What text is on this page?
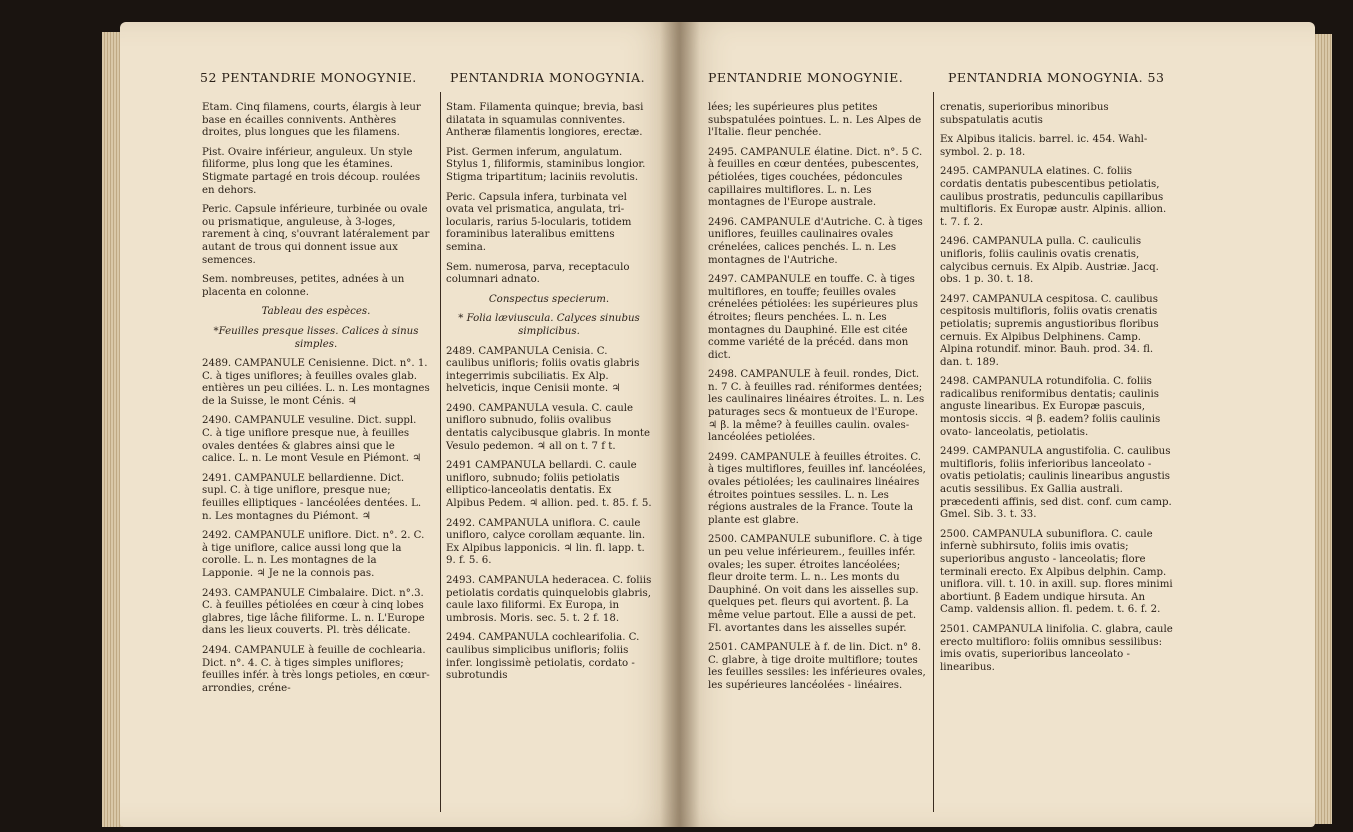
52 PENTANDRIE MONOGYNIE.	PENTANDRIA MONOGYNIA.

Etam. Cinq filamens, courts, élargis à leur base en écailles connivents. Anthères droites, plus longues que les filamens.

Pist. Ovaire inférieur, anguleux. Un style filiforme, plus long que les étamines. Stigmate partagé en trois découp. roulées en dehors.

Peric. Capsule inférieure, turbinée ou ovale ou prismatique, anguleuse, à 3-loges, rarement à cinq, s'ouvrant latéralement par autant de trous qui donnent issue aux semences.

Sem. nombreuses, petites, adnées à un placenta en colonne.

Tableau des espèces.

*Feuilles presque lisses. Calices à sinus simples.

2489. CAMPANULE Cenisienne. Dict. n°. 1. C. à tiges uniflores; à feuilles ovales glab. entières un peu ciliées. L. n. Les montagnes de la Suisse, le mont Cénis. ♃

2490. CAMPANULE vesuline. Dict. suppl. C. à tige uniflore presque nue, à feuilles ovales dentées & glabres ainsi que le calice. L. n. Le mont Vesule en Piémont. ♃

2491. CAMPANULE bellardienne. Dict. supl. C. à tige uniflore, presque nue; feuilles elliptiques - lancéolées dentées. L. n. Les montagnes du Piémont. ♃

2492. CAMPANULE uniflore. Dict. n°. 2. C. à tige uniflore, calice aussi long que la corolle. L. n. Les montagnes de la Lapponie. ♃ Je ne la connois pas.

2493. CAMPANULE Cimbalaire. Dict. n°.3. C. à feuilles pétiolées en cœur à cinq lobes glabres, tige lâche filiforme. L. n. L'Europe dans les lieux couverts. Pl. très délicate.

2494. CAMPANULE à feuille de cochlearia. Dict. n°. 4. C. à tiges simples uniflores; feuilles infér. à très longs petioles, en cœur-arrondies, créne-

Stam. Filamenta quinque; brevia, basi dilatata in squamulas conniventes. Antheræ filamentis longiores, erectæ.

Pist. Germen inferum, angulatum. Stylus 1, filiformis, staminibus longior. Stigma tripartitum; laciniis revolutis.

Peric. Capsula infera, turbinata vel ovata vel prismatica, angulata, tri-locularis, rarius 5-locularis, totidem foraminibus lateralibus emittens semina.

Sem. numerosa, parva, receptaculo columnari adnato.

Conspectus specierum.

* Folia læviuscula. Calyces sinubus simplicibus.

2489. CAMPANULA Cenisia. C. caulibus unifloris; foliis ovatis glabris integerrimis subciliatis. Ex Alp. helveticis, inque Cenisii monte. ♃

2490. CAMPANULA vesula. C. caule unifloro subnudo, foliis ovalibus dentatis calycibusque glabris. In monte Vesulo pedemon. ♃ all on t. 7 f t.

2491 CAMPANULA bellardi. C. caule unifloro, subnudo; foliis petiolatis elliptico-lanceolatis dentatis. Ex Alpibus Pedem. ♃ allion. ped. t. 85. f. 5.

2492. CAMPANULA uniflora. C. caule unifloro, calyce corollam æquante. lin. Ex Alpibus lapponicis. ♃ lin. fl. lapp. t. 9. f. 5. 6.

2493. CAMPANULA hederacea. C. foliis petiolatis cordatis quinquelobis glabris, caule laxo filiformi. Ex Europa, in umbrosis. Moris. sec. 5. t. 2 f. 18.

2494. CAMPANULA cochlearifolia. C. caulibus simplicibus unifloris; foliis infer. longissimè petiolatis, cordato - subrotundis

PENTANDRIE MONOGYNIE.	PENTANDRIA MONOGYNIA. 53

lées; les supérieures plus petites subspatulées pointues. L. n. Les Alpes de l'Italie. fleur penchée.

2495. CAMPANULE élatine. Dict. n°. 5 C. à feuilles en cœur dentées, pubescentes, pétiolées, tiges couchées, pédoncules capillaires multiflores. L. n. Les montagnes de l'Europe australe.

2496. CAMPANULE d'Autriche. C. à tiges uniflores, feuilles caulinaires ovales crénelées, calices penchés. L. n. Les montagnes de l'Autriche.

2497. CAMPANULE en touffe. C. à tiges multiflores, en touffe; feuilles ovales crénelées pétiolées: les supérieures plus étroites; fleurs penchées. L. n. Les montagnes du Dauphiné. Elle est citée comme variété de la précéd. dans mon dict.

2498. CAMPANULE à feuil. rondes, Dict. n. 7 C. à feuilles rad. réniformes dentées; les caulinaires linéaires étroites. L. n. Les paturages secs & montueux de l'Europe. ♃ β. la même? à feuilles caulin. ovaleslancéolées petiolées.

2499. CAMPANULE à feuilles étroites. C. à tiges multiflores, feuilles inf. lancéolées, ovales pétiolées; les caulinaires linéaires étroites pointues sessiles. L. n. Les régions australes de la France. Toute la plante est glabre.

2500. CAMPANULE subuniflore. C. à tige un peu velue inférieurem., feuilles infér. ovales; les super. étroites lancéolées; fleur droite term. L. n.. Les monts du Dauphiné. On voit dans les aisselles sup. quelques pet. fleurs qui avortent. β. La même velue partout. Elle a aussi de pet. Fl. avortantes dans les aisselles supér.

2501. CAMPANULE à f. de lin. Dict. n° 8. C. glabre, à tige droite multiflore; toutes les feuilles sessiles: les inférieures ovales, les supérieures lancéolées - linéaires.

crenatis, superioribus minoribus subspatulatis acutis

Ex Alpibus italicis. barrel. ic. 454. Wahl-symbol. 2. p. 18.

2495. CAMPANULA elatines. C. foliis cordatis dentatis pubescentibus petiolatis, caulibus prostratis, pedunculis capillaribus multifloris. Ex Europæ austr. Alpinis. allion. t. 7. f. 2.

2496. CAMPANULA pulla. C. cauliculis unifloris, foliis caulinis ovatis crenatis, calycibus cernuis. Ex Alpib. Austriæ. Jacq. obs. 1 p. 30. t. 18.

2497. CAMPANULA cespitosa. C. caulibus cespitosis multifloris, foliis ovatis crenatis petiolatis; supremis angustioribus floribus cernuis. Ex Alpibus Delphinens. Camp. Alpina rotundif. minor. Bauh. prod. 34. fl. dan. t. 189.

2498. CAMPANULA rotundifolia. C. foliis radicalibus reniformibus dentatis; caulinis anguste linearibus. Ex Europæ pascuis, montosis siccis. ♃ β. eadem? foliis caulinis ovato- lanceolatis, petiolatis.

2499. CAMPANULA angustifolia. C. caulibus multifloris, foliis inferioribus lanceolato - ovatis petiolatis; caulinis linearibus angustis acutis sessilibus. Ex Gallia australi. præcedenti affinis, sed dist. conf. cum camp. Gmel. Sib. 3. t. 33.

2500. CAMPANULA subuniflora. C. caule infernè subhirsuto, foliis imis ovatis; superioribus angusto - lanceolatis; flore terminali erecto. Ex Alpibus delphin. Camp. uniflora. vill. t. 10. in axill. sup. flores minimi abortiunt. β Eadem undique hirsuta. An Camp. valdensis allion. fl. pedem. t. 6. f. 2.

2501. CAMPANULA linifolia. C. glabra, caule erecto multifloro: foliis omnibus sessilibus: imis ovatis, superioribus lanceolato - linearibus.
